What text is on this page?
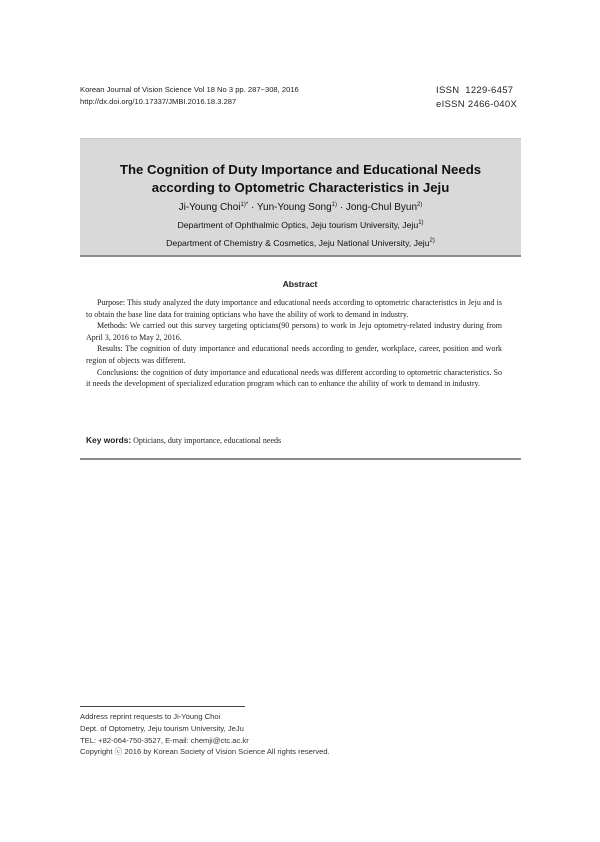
Korean Journal of Vision Science Vol 18 No 3 pp. 287~308, 2016
http://dx.doi.org/10.17337/JMBI.2016.18.3.287
ISSN  1229-6457
eISSN 2466-040X
The Cognition of Duty Importance and Educational Needs
according to Optometric Characteristics in Jeju
Ji-Young Choi$^{1)*}$ · Yun-Young Song$^{1)}$ · Jong-Chul Byun$^{2)}$
Department of Ophthalmic Optics, Jeju tourism University, Jeju$^{1)}$
Department of Chemistry & Cosmetics, Jeju National University, Jeju$^{2)}$
Abstract

Purpose: This study analyzed the duty importance and educational needs according to optometric characteristics in Jeju and is to obtain the base line data for training opticians who have the ability of work to demand in industry.

Methods: We carried out this survey targeting opticians(90 persons) to work in Jeju optometry-related industry during from April 3, 2016 to May 2, 2016.

Results: The cognition of duty importance and educational needs according to gender, workplace, career, position and work region of objects was different.

Conclusions: the cognition of duty importance and educational needs was different according to optometric characteristics. So it needs the development of specialized education program which can to enhance the ability of work to demand in industry.

Key words: Opticians, duty importance, educational needs
Address reprint requests to Ji-Young Choi
Dept. of Optometry, Jeju tourism University, JeJu
TEL: +82-064-750-3527, E-mail: chemji@ctc.ac.kr
Copyright ⓒ 2016 by Korean Society of Vision Science All rights reserved.
